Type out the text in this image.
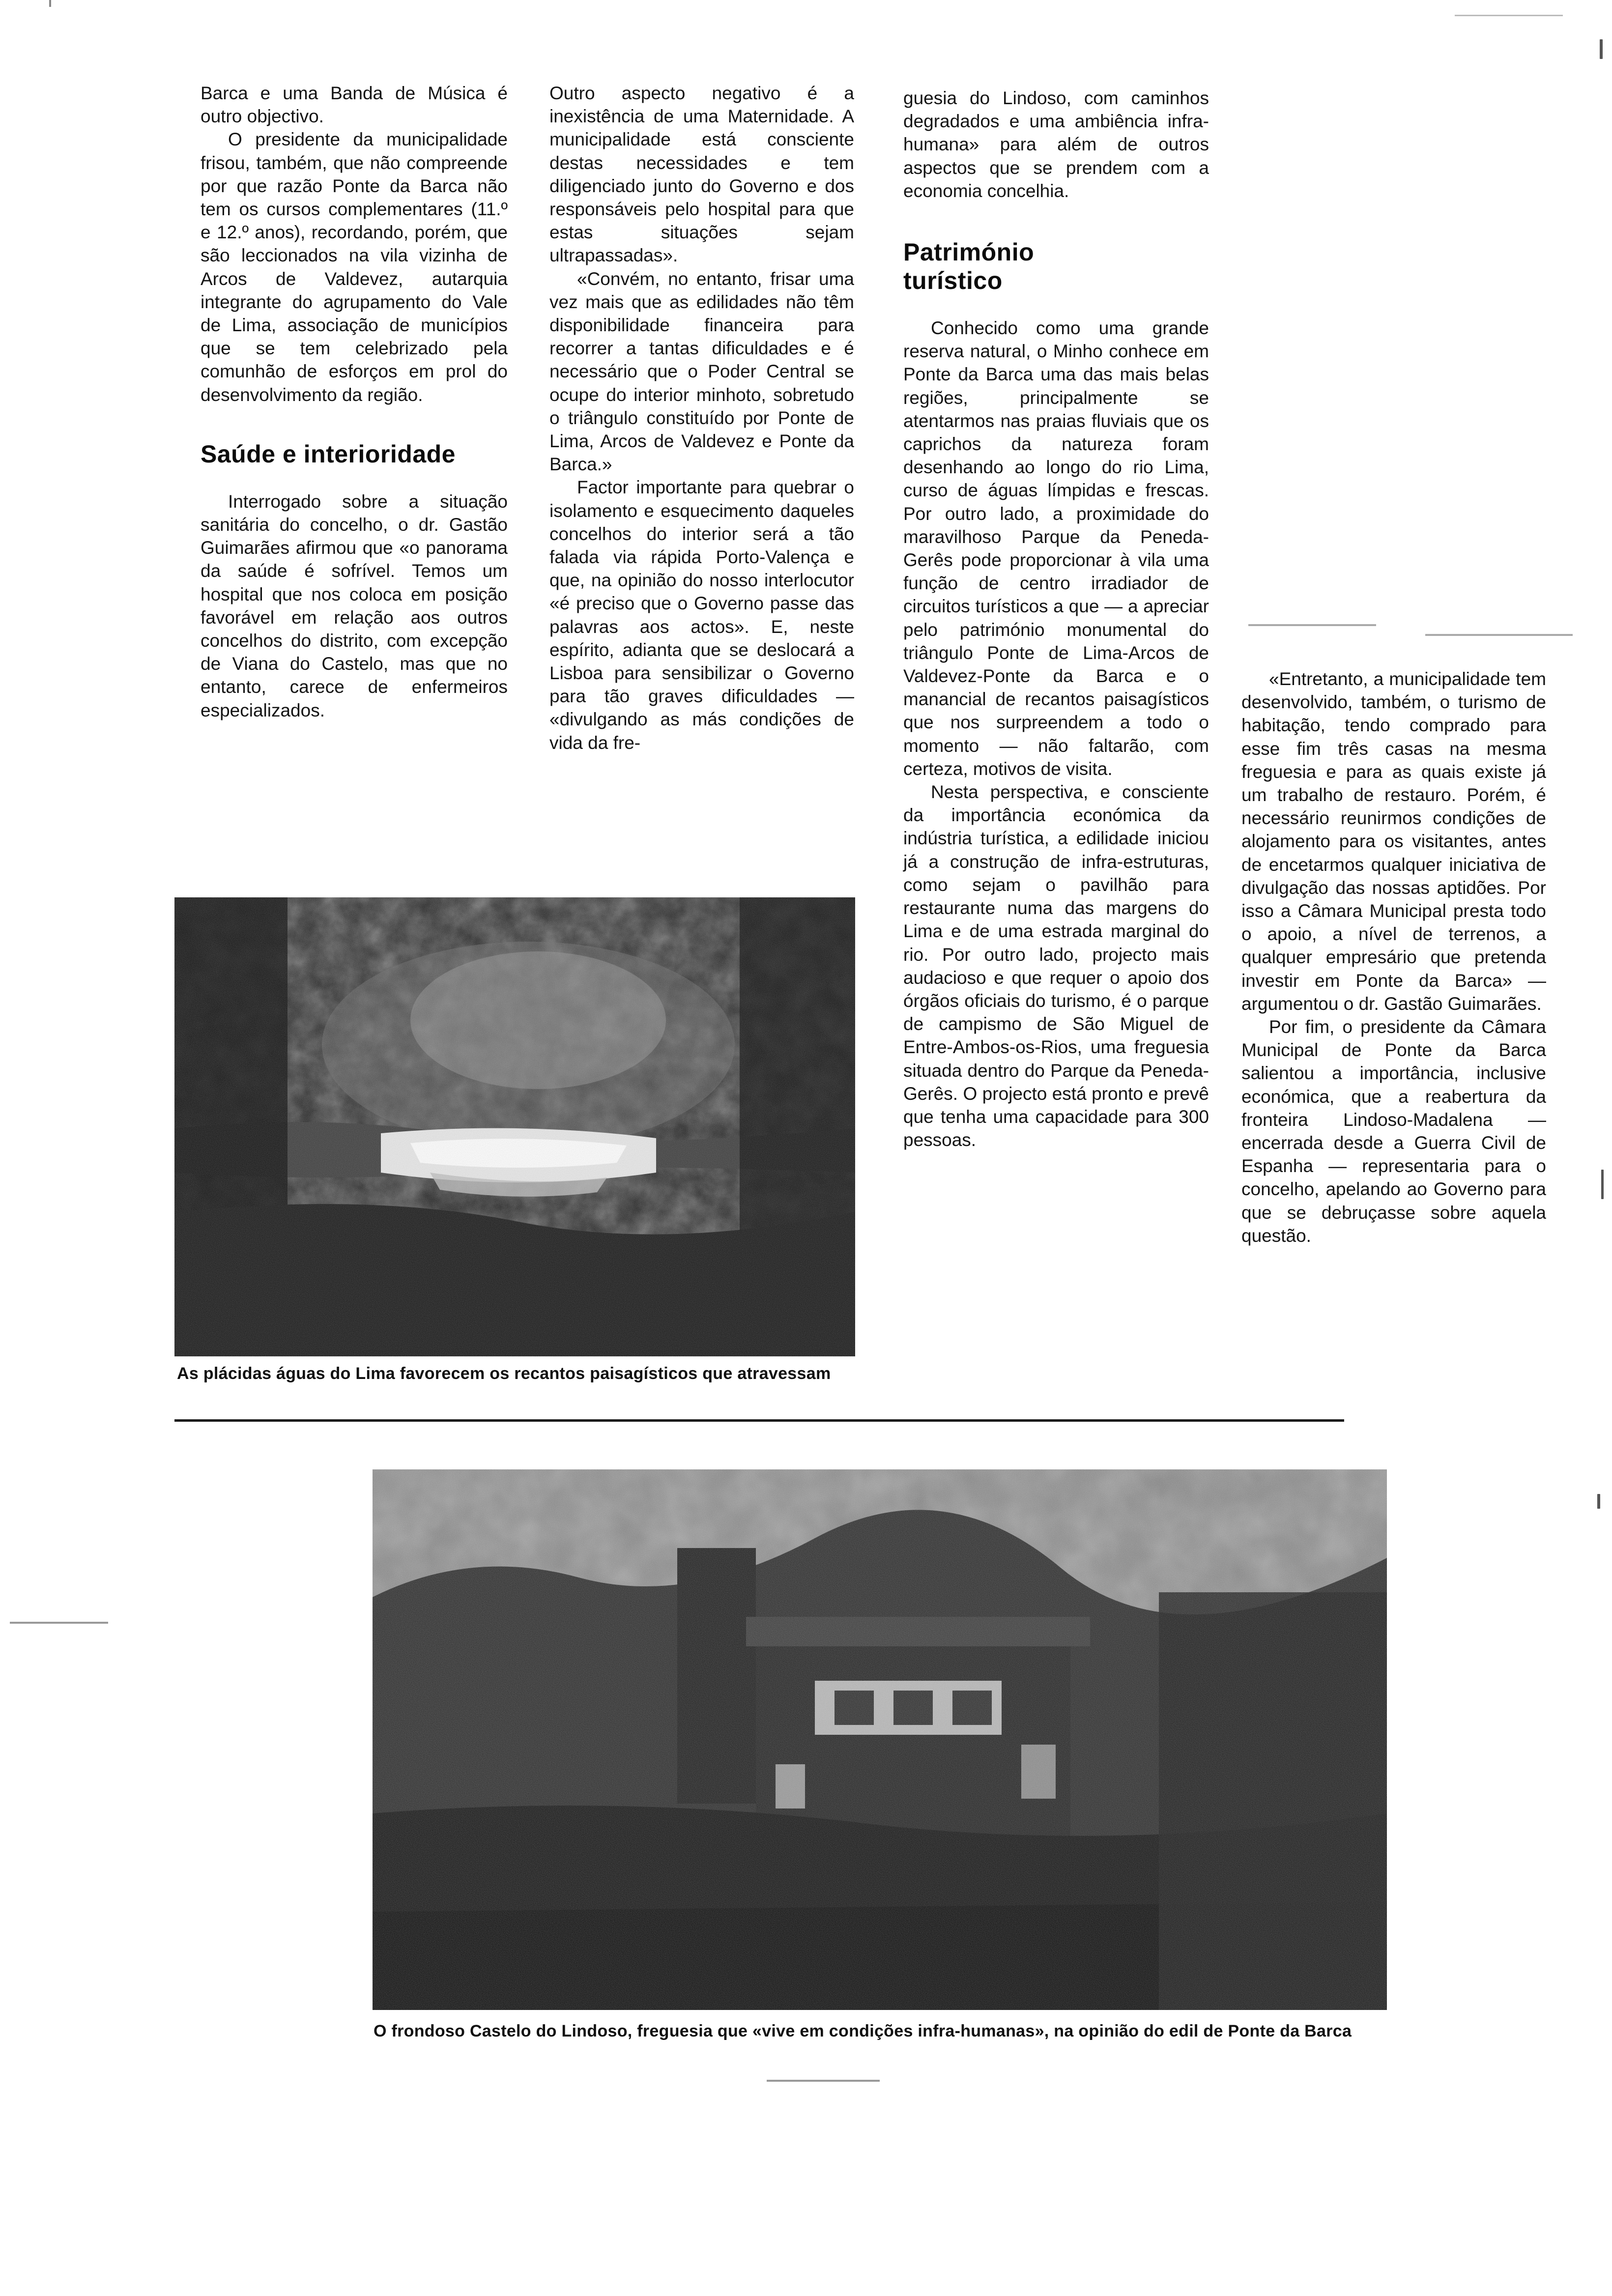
Barca e uma Banda de Música é outro objectivo.

O presidente da municipalidade frisou, também, que não compreende por que razão Ponte da Barca não tem os cursos complementares (11.º e 12.º anos), recordando, porém, que são leccionados na vila vizinha de Arcos de Valdevez, autarquia integrante do agrupamento do Vale de Lima, associação de municípios que se tem celebrizado pela comunhão de esforços em prol do desenvolvimento da região.

Saúde e interioridade

Interrogado sobre a situação sanitária do concelho, o dr. Gastão Guimarães afirmou que «o panorama da saúde é sofrível. Temos um hospital que nos coloca em posição favorável em relação aos outros concelhos do distrito, com excepção de Viana do Castelo, mas que no entanto, carece de enfermeiros especializados.

Outro aspecto negativo é a inexistência de uma Maternidade. A municipalidade está consciente destas necessidades e tem diligenciado junto do Governo e dos responsáveis pelo hospital para que estas situações sejam ultrapassadas».

«Convém, no entanto, frisar uma vez mais que as edilidades não têm disponibilidade financeira para recorrer a tantas dificuldades e é necessário que o Poder Central se ocupe do interior minhoto, sobretudo o triângulo constituído por Ponte de Lima, Arcos de Valdevez e Ponte da Barca.»

Factor importante para quebrar o isolamento e esquecimento daqueles concelhos do interior será a tão falada via rápida Porto-Valença e que, na opinião do nosso interlocutor «é preciso que o Governo passe das palavras aos actos». E, neste espírito, adianta que se deslocará a Lisboa para sensibilizar o Governo para tão graves dificuldades — «divulgando as más condições de vida da fre-

guesia do Lindoso, com caminhos degradados e uma ambiência infra-humana» para além de outros aspectos que se prendem com a economia concelhia.

Património
turístico

Conhecido como uma grande reserva natural, o Minho conhece em Ponte da Barca uma das mais belas regiões, principalmente se atentarmos nas praias fluviais que os caprichos da natureza foram desenhando ao longo do rio Lima, curso de águas límpidas e frescas. Por outro lado, a proximidade do maravilhoso Parque da Peneda-Gerês pode proporcionar à vila uma função de centro irradiador de circuitos turísticos a que — a apreciar pelo património monumental do triângulo Ponte de Lima-Arcos de Valdevez-Ponte da Barca e o manancial de recantos paisagísticos que nos surpreendem a todo o momento — não faltarão, com certeza, motivos de visita.

Nesta perspectiva, e consciente da importância económica da indústria turística, a edilidade iniciou já a construção de infra-estruturas, como sejam o pavilhão para restaurante numa das margens do Lima e de uma estrada marginal do rio. Por outro lado, projecto mais audacioso e que requer o apoio dos órgãos oficiais do turismo, é o parque de campismo de São Miguel de Entre-Ambos-os-Rios, uma freguesia situada dentro do Parque da Peneda-Gerês. O projecto está pronto e prevê que tenha uma capacidade para 300 pessoas.

«Entretanto, a municipalidade tem desenvolvido, também, o turismo de habitação, tendo comprado para esse fim três casas na mesma freguesia e para as quais existe já um trabalho de restauro. Porém, é necessário reunirmos condições de alojamento para os visitantes, antes de encetarmos qualquer iniciativa de divulgação das nossas aptidões. Por isso a Câmara Municipal presta todo o apoio, a nível de terrenos, a qualquer empresário que pretenda investir em Ponte da Barca» — argumentou o dr. Gastão Guimarães.

Por fim, o presidente da Câmara Municipal de Ponte da Barca salientou a importância, inclusive económica, que a reabertura da fronteira Lindoso-Madalena — encerrada desde a Guerra Civil de Espanha — representaria para o concelho, apelando ao Governo para que se debruçasse sobre aquela questão.

As plácidas águas do Lima favorecem os recantos paisagísticos que atravessam
O frondoso Castelo do Lindoso, freguesia que «vive em condições infra-humanas», na opinião do edil de Ponte da Barca
